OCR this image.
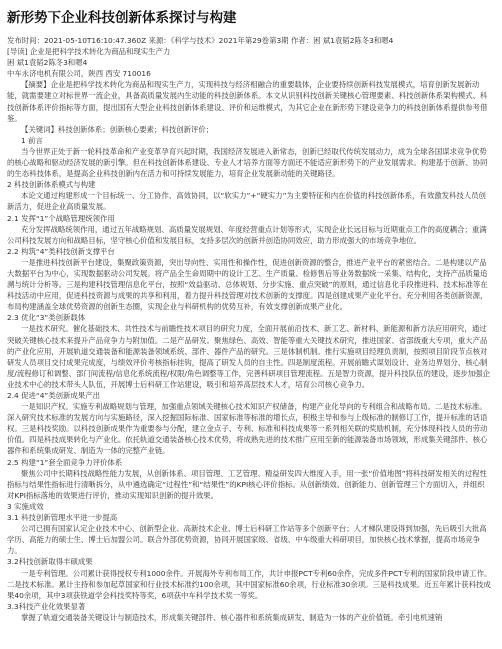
新形势下企业科技创新体系探讨与构建

发布时间：2021-05-10T16:10:47.360Z 来源：《科学与技术》2021年第29卷第3期 作者：困 斌1袁韬2陈冬3和嗯4

[导读] 企业是把科学技术转化为商品和现实生产力

困 斌1袁韬2陈冬3和嗯4

中车永济电机有限公司，陕西 西安 710016

【摘要】企业是把科学技术转化为商品和现实生产力，实现科技与经济相融合的重要载体，企业要持续创新科技发展模式，培育创新发展新动能，就需要建立对标世界一流企业，具备高质量发展内生动能的科技创新体系。本文从识别科技创新关键核心管理要素、科技创新体系架构模式、科技创新体系评价指标等方面，提出国有大型企业科技创新体系建设、评价和运维模式，为其它企业在新形势下建设竞争力的科技创新体系提供参考借鉴。

【关键词】科技创新体系；创新核心要素；科技创新评价；

1 前言

当今世界正处于新一轮科技革命和产业变革孕育兴起时期，我国经济发展进入新常态，创新已经取代传统发展动力，成为全球各国谋求竞争优势的核心战略和驱动经济发展的新引擎。但在科技创新体系建设、专业人才培养方面等方面还不能适应新形势下的产业发展需求。构建基于创新、协同的生态科技体系，是提高企业科技创新内在活力和可持续发展能力，培育企业发展新动能的关键路径。

2 科技创新体系模式与构建

本论文通过构建形成一个目标统一、分工协作、高效协同，以“软实力”+“硬实力”为主要特征和内在价值的科技创新体系，有效激发科技人员创新活力，促进企业高质量发展。

2.1 发挥“1”个战略管理统领作用

充分发挥战略统领作用，通过五年战略规划、高质量发展规划、年度经营重点计划等形式，实现企业长远目标与近期重点工作的高度耦合；重满公司科技发展方向和战略目标，坚守核心价值和发展目标，支持多层次的创新并创造协同效应，助力形成强大的市场竞争地位。

2.2 构筑“4”类科技创新支撑平台

一是推进科技创新平台建设，集聚政策资源，突出导向性、实用性和操作性，促进创新资源的整合，推进产业平台的紧密结合。二是构建以产品大数据平台为中心，实现数据驱动公司发展。将产品全生命周期中的设计工艺、生产质量、检修售后等业务数据统一采集、结构化，支持产品质量追溯与统计分析等。三是构建科技管理信息化平台，按照“效益驱动、总体规划、分步实施、重点突破”的原则，通过信息化手段推进科、技术标准等在科技活动中应用，促进科技资源与成果的共享和利用，着力提升科技管理对技术创新的支撑度。四是创建成果产业化平台。充分利用各类创新资源，布局构建涵盖全球优势资源的创新生态圈，实现企业与科研机构的优势互补，有效支撑创新成果产业化。

2.3 优化“3”类创新载体

一是技术研究。催化基础技术、共性技术与前瞻性技术项目的研究力度，全面开展前沿技术、新工艺、新材料、新能源和新方法应用研究，通过突破关键核心技术来提升产品竞争力与附加值。二是产品研发。聚焦绿色、高效、智能等重大关键技术研究，推进国家、省部级重大专项，重大产品的产业化应用，开展轨道交通装备和能源装备领域系统、部件、器件产品的研究。三是体制机制。推行实施项目经理负责制，按照项目阶段节点核对研发人员项目交付成果完成度，与绩效评价考核指标挂钩，提高了研发人员的自主性。四是制度流程。开展前瞻式谋划设计、业务边界划分、核心制度/流程修订和调整、部门间流程/信息化系统流程/权限/角色调整等工作，完善科研项目管理流程。五是智力资源，提升科技队伍的建设，逐步加强企业技术中心的技术带头人队伍，开展博士后科研工作站建设，吸引和培养高层技术人才，培育公司核心竞争力。

2.4 促进“4”类创新成果产出

一是知识产权。实施专利战略规划与管理，加强重点领域关键核心技术知识产权储备，构建产业化导向的专利组合和战略布局。二是技术标准。深入研究技术标准的发展方向与实施路径，深入挖掘国际标准、国家标准等标准的增长点，积极主导和参与上级标准的制修订工作，提升标准的话语权。三是科技奖励。以科技创新成果作为重要参与分配，建立金点子、专利、标准和科技成果等一系列相关联的奖励机制，充分体现科技人员的劳动价值。四是科技成果转化与产业化。依托轨道交通装备核心技术优势，将成熟先进的技术推广应用至新的能源装备市场领域，形成集关键部件、核心器件和系统集成研发、制造为一体的完整产业链。

2.5 构建“1”套全面竞争力评价体系

聚焦公司中长期科技战略性能力发展，从创新体系、项目管理、工艺管理、精益研发四大维度入手，用一张“价值地图”将科技研发相关的过程性指标与结果性指标进行清晰拆分，从中遴选确定“过程性”和“结果性”的KPI核心评价指标。从创新绩效、创新能力、创新管理三个方面切入，并组织对KPI指标落地的效果进行评价，推动实现知识创新的提升效果。

3 实施成效

3.1 科技创新管理水平进一步提高

公司已拥有国家认定企业技术中心、创新型企业、高新技术企业、博士后科研工作站等多个创新平台；人才梯队建设得到加强，先后吸引大批高学历、高能力的硕士生、博士后加盟公司。联合外部优势资源，协同开展国家级、省级、中车级重大科研项目，加快核心技术掌握，提高市场竞争力。

3.2科技创新取得丰硕成果

一是专利管理。公司累计获得授权专利1000余件。开展海外专利布局工作，共计申报PCT专利60余件，完成多件PCT专利的国家阶段申请工作。二是技术标准。累计主持和参加起草国家和行业技术标准约100余项，其中国家标准60余项，行业标准30余项。三是科技成果。近五年累计获科技成果40余项，其中3项获铁道学会科技奖特等奖，6项获中车科学技术奖一等奖。

3.3科技产业化效果显著

掌握了轨道交通装备关键设计与制造技术，形成集关键部件、核心器件和系统集成研发、制造为一体的产业价值链。牵引电机速销
